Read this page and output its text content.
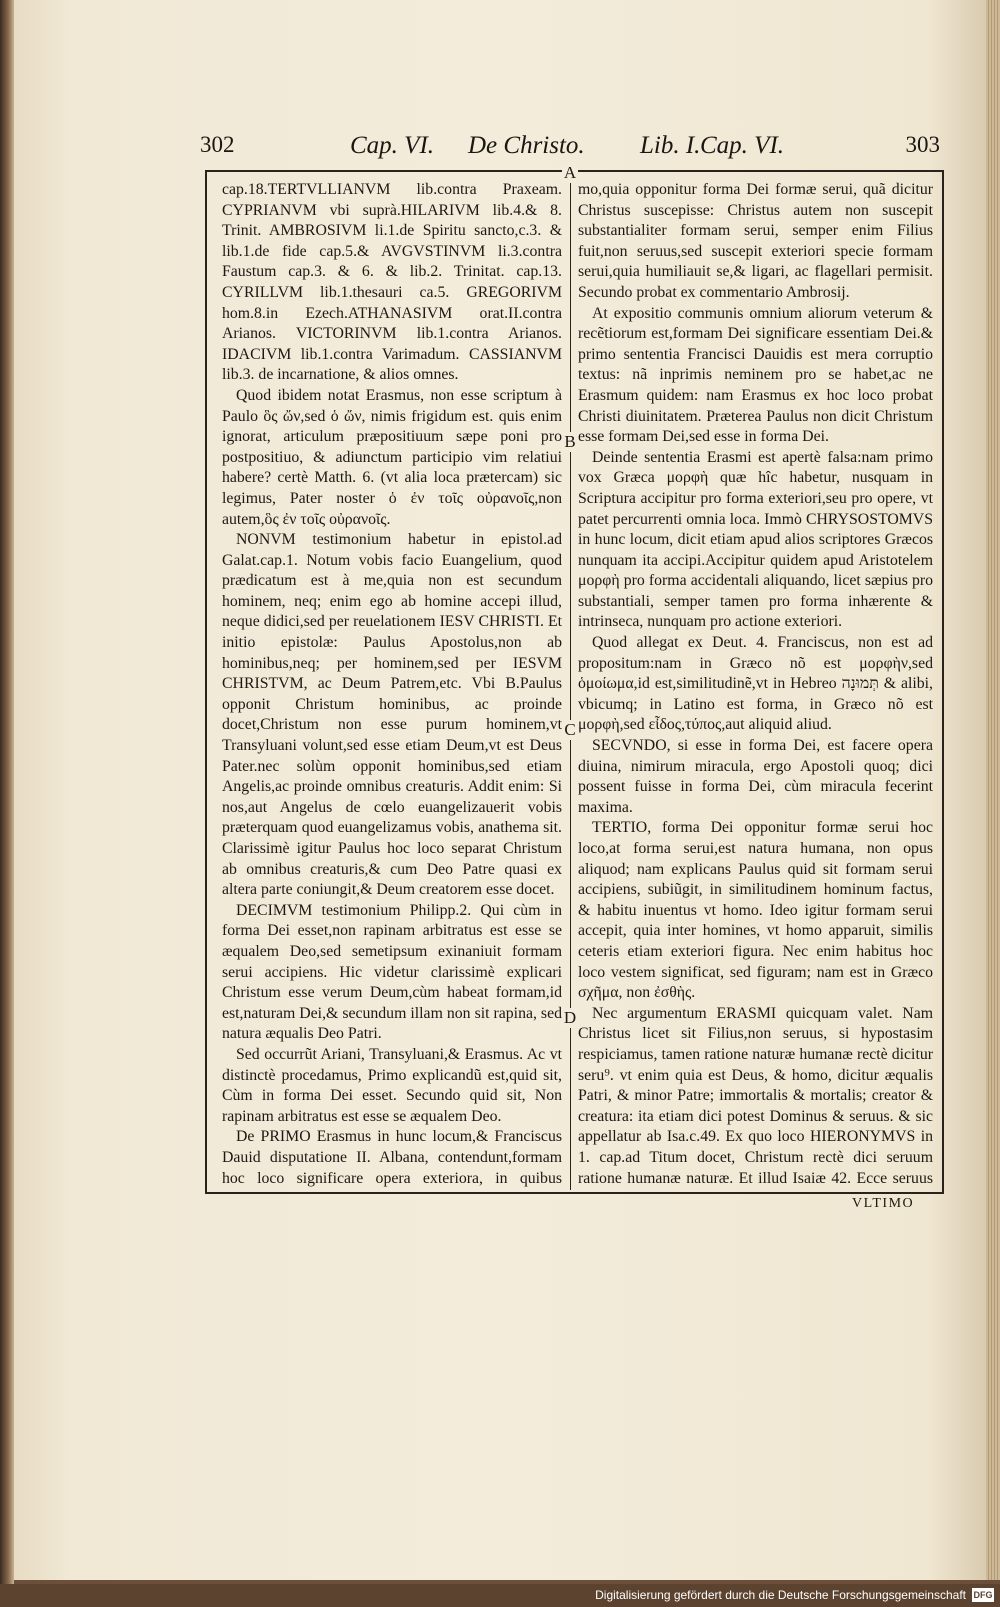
302	Cap. VI. De Christo. Lib. I. Cap. VI.	303

cap.18.TERTVLLIANVM lib.contra Praxeam. CYPRIANVM vbi suprà.HILARIVM lib.4.& 8. Trinit. AMBROSIVM li.1.de Spiritu sancto,c.3. & lib.1.de fide cap.5.& AVGVSTINVM li.3.contra Faustum cap.3. & 6. & lib.2. Trinitat. cap.13. CYRILLVM lib.1.thesauri ca.5. GREGORIVM hom.8.in Ezech.ATHANASIVM orat.II.contra Arianos. VICTORINVM lib.1.contra Arianos. IDACIVM lib.1.contra Varimadum. CASSIANVM lib.3. de incarnatione, & alios omnes.

Quod ibidem notat Erasmus, non esse scriptum à Paulo ὃς ὤν,sed ὁ ὤν, nimis frigidum est. quis enim ignorat, articulum præpositiuum sæpe poni pro postpositiuo, & adiunctum participio vim relatiui habere? certè Matth. 6. (vt alia loca prætercam) sic legimus, Pater noster ὁ ἐν τοῖς οὐρανοῖς,non autem,ὃς ἐν τοῖς οὐρανοῖς.

NONVM testimonium habetur in epistol.ad Galat.cap.1. Notum vobis facio Euangelium, quod prædicatum est à me,quia non est secundum hominem, neq; enim ego ab homine accepi illud, neque didici,sed per reuelationem IESV CHRISTI. Et initio epistolæ: Paulus Apostolus,non ab hominibus,neq; per hominem,sed per IESVM CHRISTVM, ac Deum Patrem,etc. Vbi B.Paulus opponit Christum hominibus, ac proinde docet,Christum non esse purum hominem,vt Transyluani volunt,sed esse etiam Deum,vt est Deus Pater.nec solùm opponit hominibus,sed etiam Angelis,ac proinde omnibus creaturis. Addit enim: Si nos,aut Angelus de cœlo euangelizauerit vobis præterquam quod euangelizamus vobis, anathema sit. Clarissimè igitur Paulus hoc loco separat Christum ab omnibus creaturis,& cum Deo Patre quasi ex altera parte coniungit,& Deum creatorem esse docet.

DECIMVM testimonium Philipp.2. Qui cùm in forma Dei esset,non rapinam arbitratus est esse se æqualem Deo,sed semetipsum exinaniuit formam serui accipiens. Hic videtur clarissimè explicari Christum esse verum Deum,cùm habeat formam,id est,naturam Dei,& secundum illam non sit rapina, sed natura æqualis Deo Patri.

Sed occurrũt Ariani, Transyluani,& Erasmus. Ac vt distinctè procedamus, Primo explicandũ est,quid sit, Cùm in forma Dei esset. Secundo quid sit, Non rapinam arbitratus est esse se æqualem Deo.

De PRIMO Erasmus in hunc locum,& Franciscus Dauid disputatione II. Albana, contendunt,formam hoc loco significare opera exteriora, in quibus

mo,quia opponitur forma Dei formæ serui, quã dicitur Christus suscepisse: Christus autem non suscepit substantialiter formam serui, semper enim Filius fuit,non seruus,sed suscepit exteriori specie formam serui,quia humiliauit se,& ligari, ac flagellari permisit. Secundo probat ex commentario Ambrosij.

At expositio communis omnium aliorum veterum & recẽtiorum est,formam Dei significare essentiam Dei.& primo sententia Francisci Dauidis est mera corruptio textus: nã inprimis neminem pro se habet,ac ne Erasmum quidem: nam Erasmus ex hoc loco probat Christi diuinitatem. Præterea Paulus non dicit Christum esse formam Dei,sed esse in forma Dei.

Deinde sententia Erasmi est apertè falsa:nam primo vox Græca μορφὴ quæ hîc habetur, nusquam in Scriptura accipitur pro forma exteriori,seu pro opere, vt patet percurrenti omnia loca. Immò CHRYSOSTOMVS in hunc locum, dicit etiam apud alios scriptores Græcos nunquam ita accipi.Accipitur quidem apud Aristotelem μορφὴ pro forma accidentali aliquando, licet sæpius pro substantiali, semper tamen pro forma inhærente & intrinseca, nunquam pro actione exteriori.

Quod allegat ex Deut. 4. Franciscus, non est ad propositum:nam in Græco nõ est μορφὴν,sed ὁμοίωμα,id est,similitudinẽ,vt in Hebreo תְּמוּנָה & alibi, vbicumq; in Latino est forma, in Græco nõ est μορφὴ,sed εἶδος,τύπος,aut aliquid aliud.

SECVNDO, si esse in forma Dei, est facere opera diuina, nimirum miracula, ergo Apostoli quoq; dici possent fuisse in forma Dei, cùm miracula fecerint maxima.

TERTIO, forma Dei opponitur formæ serui hoc loco,at forma serui,est natura humana, non opus aliquod; nam explicans Paulus quid sit formam serui accipiens, subiũgit, in similitudinem hominum factus, & habitu inuentus vt homo. Ideo igitur formam serui accepit, quia inter homines, vt homo apparuit, similis ceteris etiam exteriori figura. Nec enim habitus hoc loco vestem significat, sed figuram; nam est in Græco σχῆμα, non ἐσθὴς.

Nec argumentum ERASMI quicquam valet. Nam Christus licet sit Filius,non seruus, si hypostasim respiciamus, tamen ratione naturæ humanæ rectè dicitur seru⁹. vt enim quia est Deus, & homo, dicitur æqualis Patri, & minor Patre; immortalis & mortalis; creator & creatura: ita etiam dici potest Dominus & seruus. & sic appellatur ab Isa.c.49. Ex quo loco HIERONYMVS in 1. cap.ad Titum docet, Christum rectè dici seruum ratione humanæ naturæ. Et illud Isaiæ 42. Ecce seruus

A
B
C
D
VLTIMO
Digitalisierung gefördert durch die Deutsche Forschungsgemeinschaft DFG
